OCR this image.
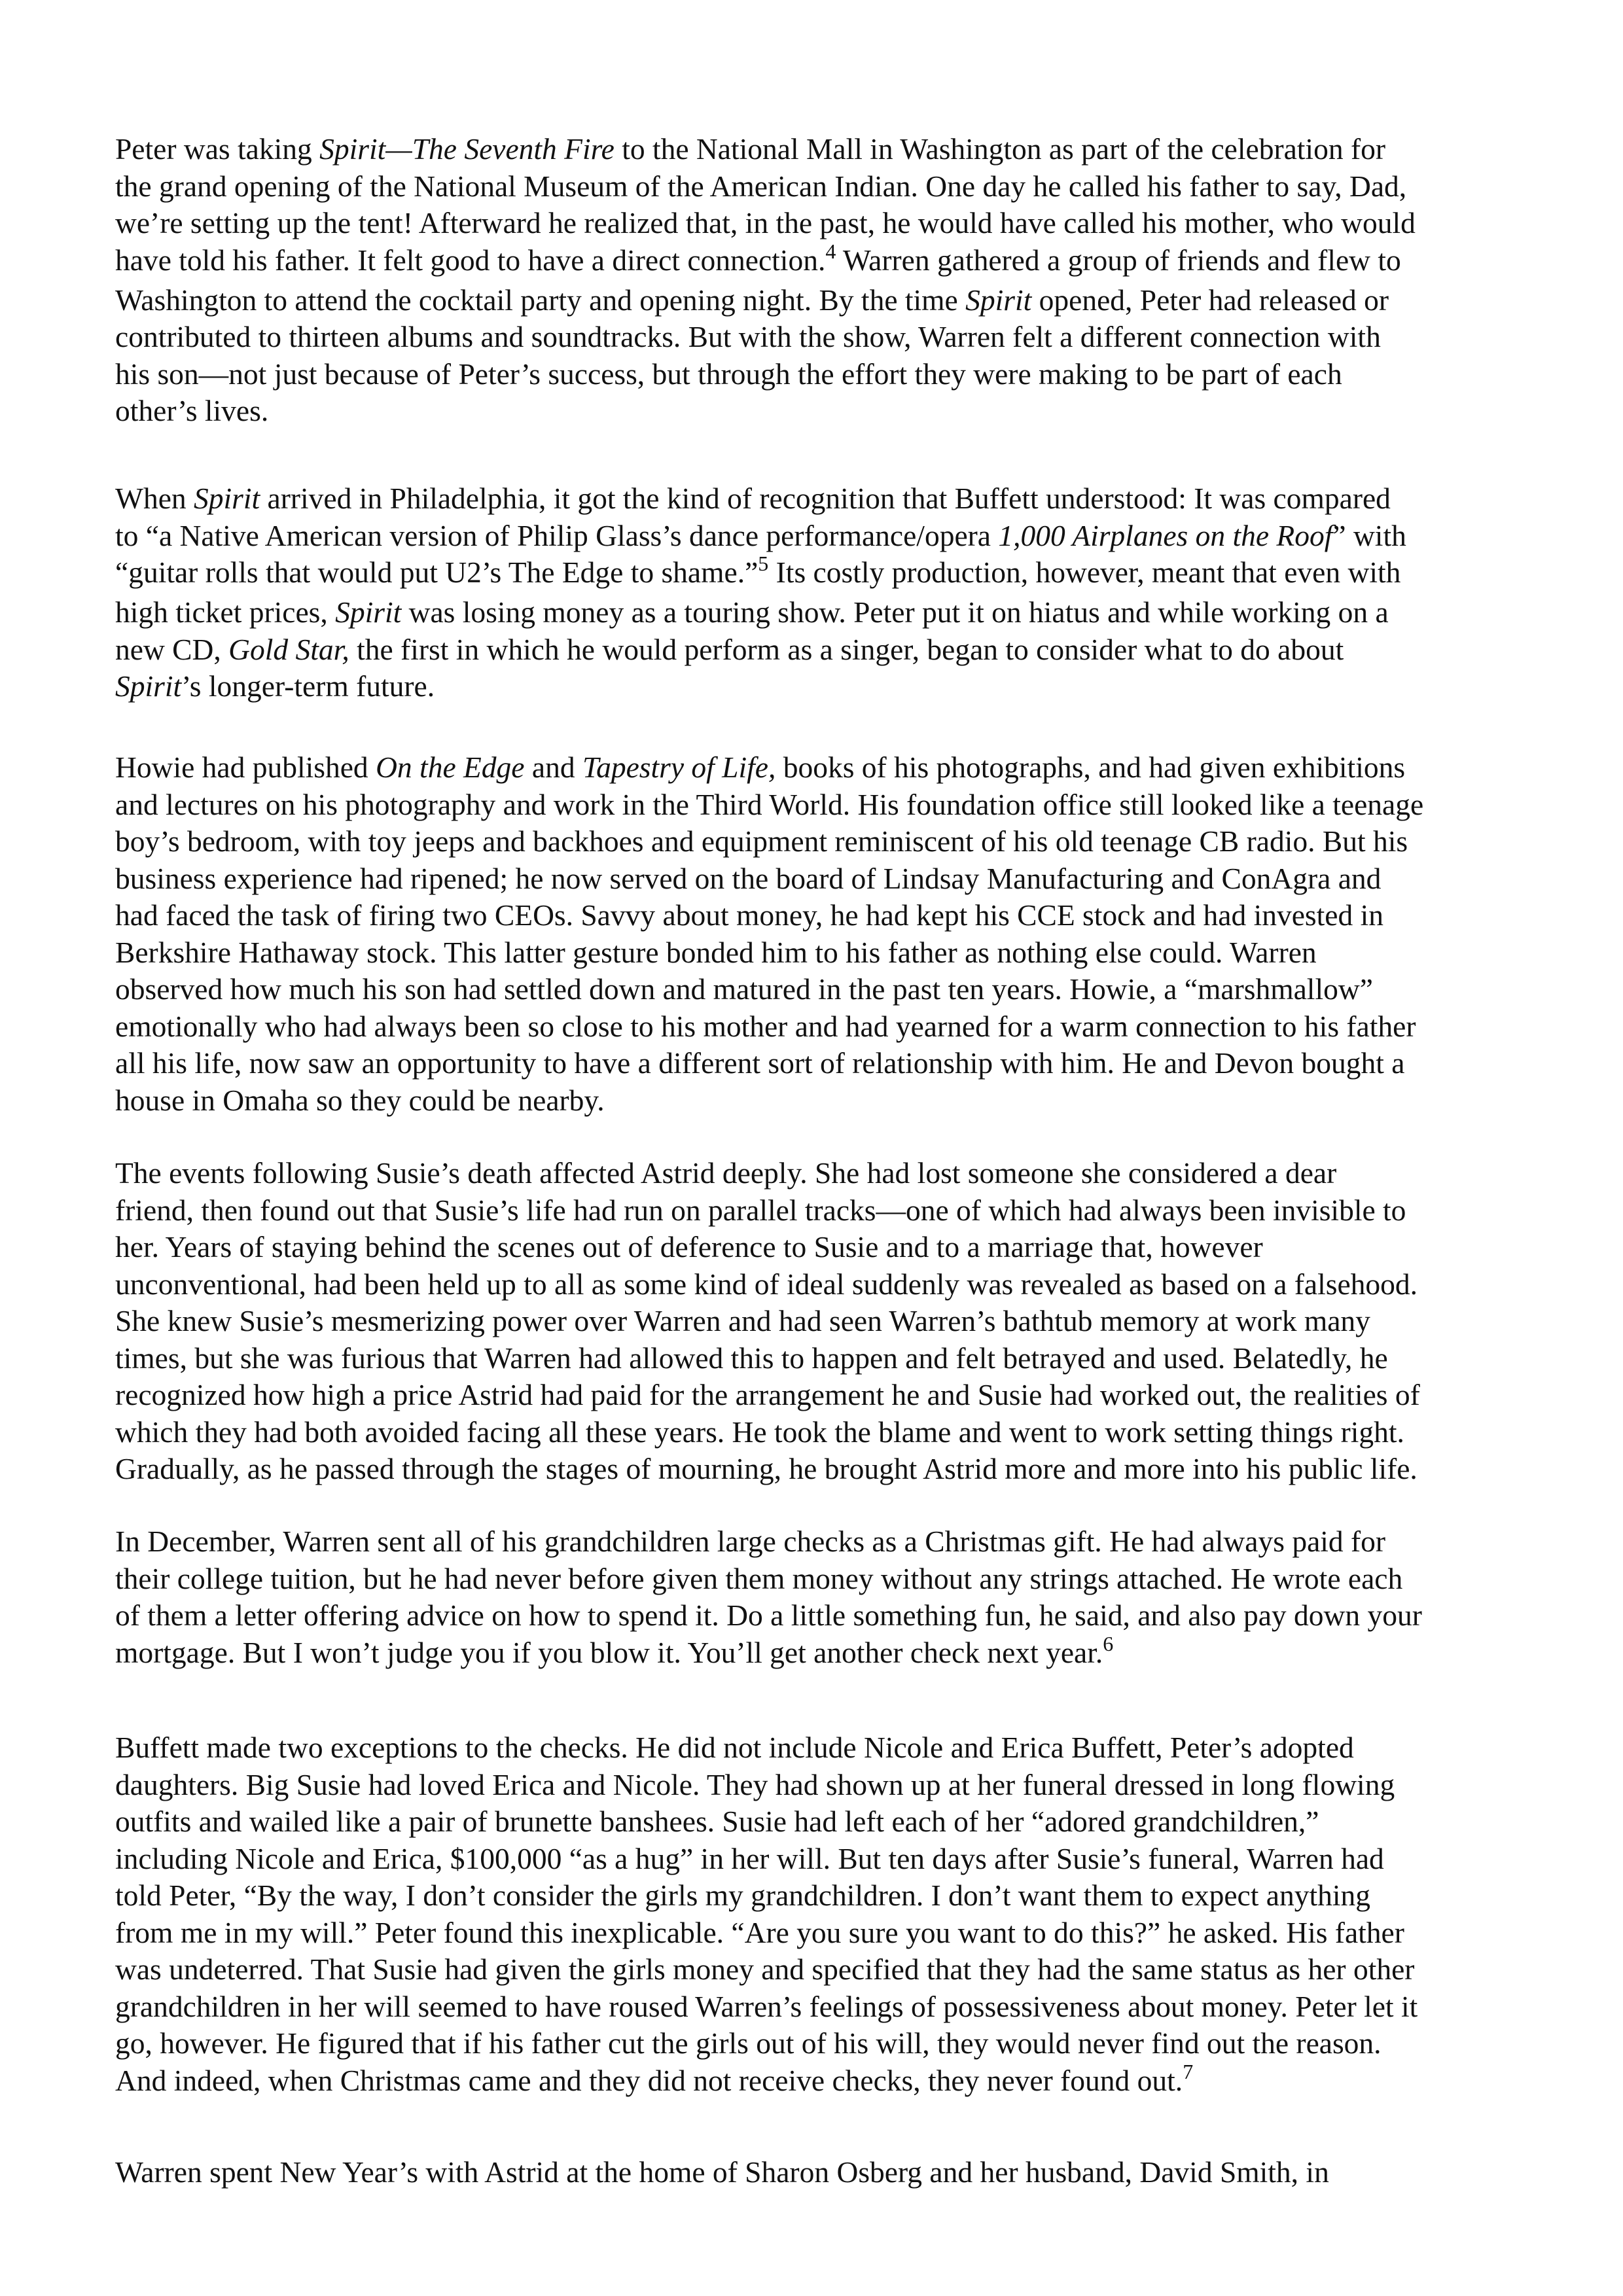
Peter was taking Spirit—The Seventh Fire to the National Mall in Washington as part of the celebration for
the grand opening of the National Museum of the American Indian. One day he called his father to say, Dad,
we’re setting up the tent! Afterward he realized that, in the past, he would have called his mother, who would
have told his father. It felt good to have a direct connection.$^4$ Warren gathered a group of friends and flew to
Washington to attend the cocktail party and opening night. By the time Spirit opened, Peter had released or
contributed to thirteen albums and soundtracks. But with the show, Warren felt a different connection with
his son—not just because of Peter’s success, but through the effort they were making to be part of each
other’s lives.
When Spirit arrived in Philadelphia, it got the kind of recognition that Buffett understood: It was compared
to “a Native American version of Philip Glass’s dance performance/opera 1,000 Airplanes on the Roof” with
“guitar rolls that would put U2’s The Edge to shame.”$^5$ Its costly production, however, meant that even with
high ticket prices, Spirit was losing money as a touring show. Peter put it on hiatus and while working on a
new CD, Gold Star, the first in which he would perform as a singer, began to consider what to do about
Spirit’s longer-term future.
Howie had published On the Edge and Tapestry of Life, books of his photographs, and had given exhibitions
and lectures on his photography and work in the Third World. His foundation office still looked like a teenage
boy’s bedroom, with toy jeeps and backhoes and equipment reminiscent of his old teenage CB radio. But his
business experience had ripened; he now served on the board of Lindsay Manufacturing and ConAgra and
had faced the task of firing two CEOs. Savvy about money, he had kept his CCE stock and had invested in
Berkshire Hathaway stock. This latter gesture bonded him to his father as nothing else could. Warren
observed how much his son had settled down and matured in the past ten years. Howie, a “marshmallow”
emotionally who had always been so close to his mother and had yearned for a warm connection to his father
all his life, now saw an opportunity to have a different sort of relationship with him. He and Devon bought a
house in Omaha so they could be nearby.
The events following Susie’s death affected Astrid deeply. She had lost someone she considered a dear
friend, then found out that Susie’s life had run on parallel tracks—one of which had always been invisible to
her. Years of staying behind the scenes out of deference to Susie and to a marriage that, however
unconventional, had been held up to all as some kind of ideal suddenly was revealed as based on a falsehood.
She knew Susie’s mesmerizing power over Warren and had seen Warren’s bathtub memory at work many
times, but she was furious that Warren had allowed this to happen and felt betrayed and used. Belatedly, he
recognized how high a price Astrid had paid for the arrangement he and Susie had worked out, the realities of
which they had both avoided facing all these years. He took the blame and went to work setting things right.
Gradually, as he passed through the stages of mourning, he brought Astrid more and more into his public life.
In December, Warren sent all of his grandchildren large checks as a Christmas gift. He had always paid for
their college tuition, but he had never before given them money without any strings attached. He wrote each
of them a letter offering advice on how to spend it. Do a little something fun, he said, and also pay down your
mortgage. But I won’t judge you if you blow it. You’ll get another check next year.$^6$
Buffett made two exceptions to the checks. He did not include Nicole and Erica Buffett, Peter’s adopted
daughters. Big Susie had loved Erica and Nicole. They had shown up at her funeral dressed in long flowing
outfits and wailed like a pair of brunette banshees. Susie had left each of her “adored grandchildren,”
including Nicole and Erica, $100,000 “as a hug” in her will. But ten days after Susie’s funeral, Warren had
told Peter, “By the way, I don’t consider the girls my grandchildren. I don’t want them to expect anything
from me in my will.” Peter found this inexplicable. “Are you sure you want to do this?” he asked. His father
was undeterred. That Susie had given the girls money and specified that they had the same status as her other
grandchildren in her will seemed to have roused Warren’s feelings of possessiveness about money. Peter let it
go, however. He figured that if his father cut the girls out of his will, they would never find out the reason.
And indeed, when Christmas came and they did not receive checks, they never found out.$^7$
Warren spent New Year’s with Astrid at the home of Sharon Osberg and her husband, David Smith, in
